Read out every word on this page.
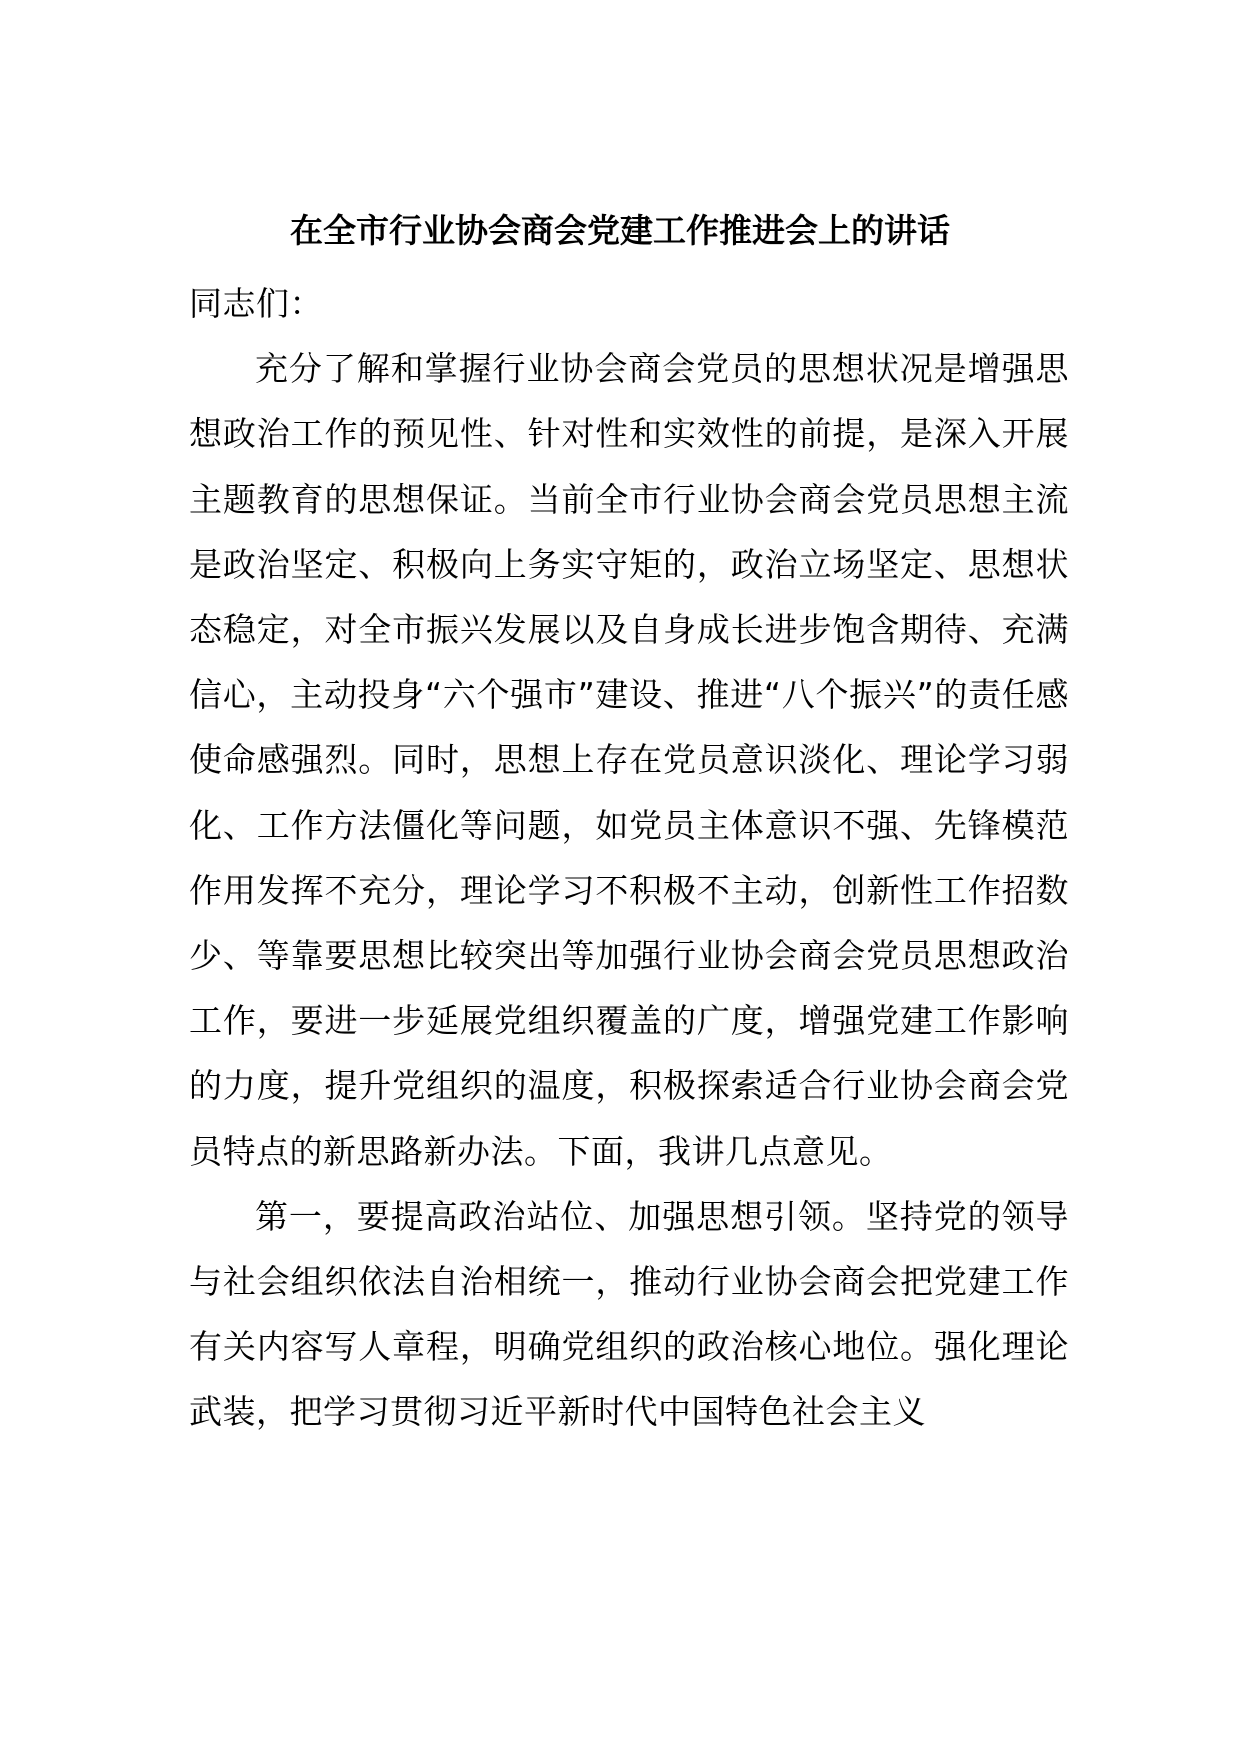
在全市行业协会商会党建工作推进会上的讲话

同志们：

充分了解和掌握行业协会商会党员的思想状况是增强思想政治工作的预见性、针对性和实效性的前提，是深入开展主题教育的思想保证。当前全市行业协会商会党员思想主流是政治坚定、积极向上务实守矩的，政治立场坚定、思想状态稳定，对全市振兴发展以及自身成长进步饱含期待、充满信心，主动投身“六个强市”建设、推进“八个振兴”的责任感使命感强烈。同时，思想上存在党员意识淡化、理论学习弱化、工作方法僵化等问题，如党员主体意识不强、先锋模范作用发挥不充分，理论学习不积极不主动，创新性工作招数少、等靠要思想比较突出等加强行业协会商会党员思想政治工作，要进一步延展党组织覆盖的广度，增强党建工作影响的力度，提升党组织的温度，积极探索适合行业协会商会党员特点的新思路新办法。下面，我讲几点意见。

第一，要提高政治站位、加强思想引领。坚持党的领导与社会组织依法自治相统一，推动行业协会商会把党建工作有关内容写人章程，明确党组织的政治核心地位。强化理论武装，把学习贯彻习近平新时代中国特色社会主义
